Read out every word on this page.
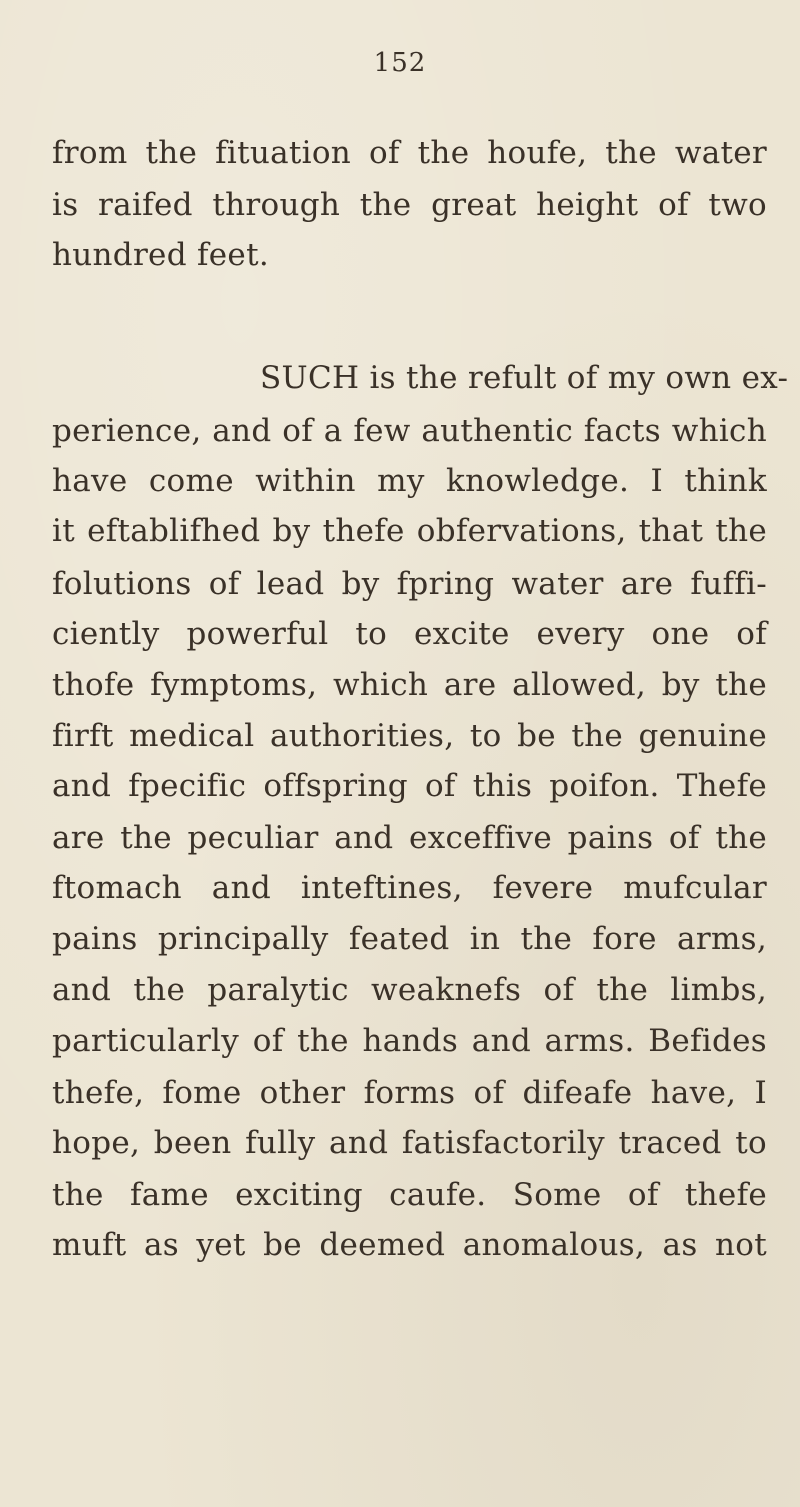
152
from the fituation of the houfe, the water
is raifed through the great height of two
hundred feet.
SUCH is the refult of my own ex-
perience, and of a few authentic facts which
have come within my knowledge. I think
it eftablifhed by thefe obfervations, that the
folutions of lead by fpring water are fuffi-
ciently powerful to excite every one of
thofe fymptoms, which are allowed, by the
firft medical authorities, to be the genuine
and fpecific offspring of this poifon. Thefe
are the peculiar and exceffive pains of the
ftomach and inteftines, fevere mufcular
pains principally feated in the fore arms,
and the paralytic weaknefs of the limbs,
particularly of the hands and arms. Befides
thefe, fome other forms of difeafe have, I
hope, been fully and fatisfactorily traced to
the fame exciting caufe. Some of thefe
muft as yet be deemed anomalous, as not
